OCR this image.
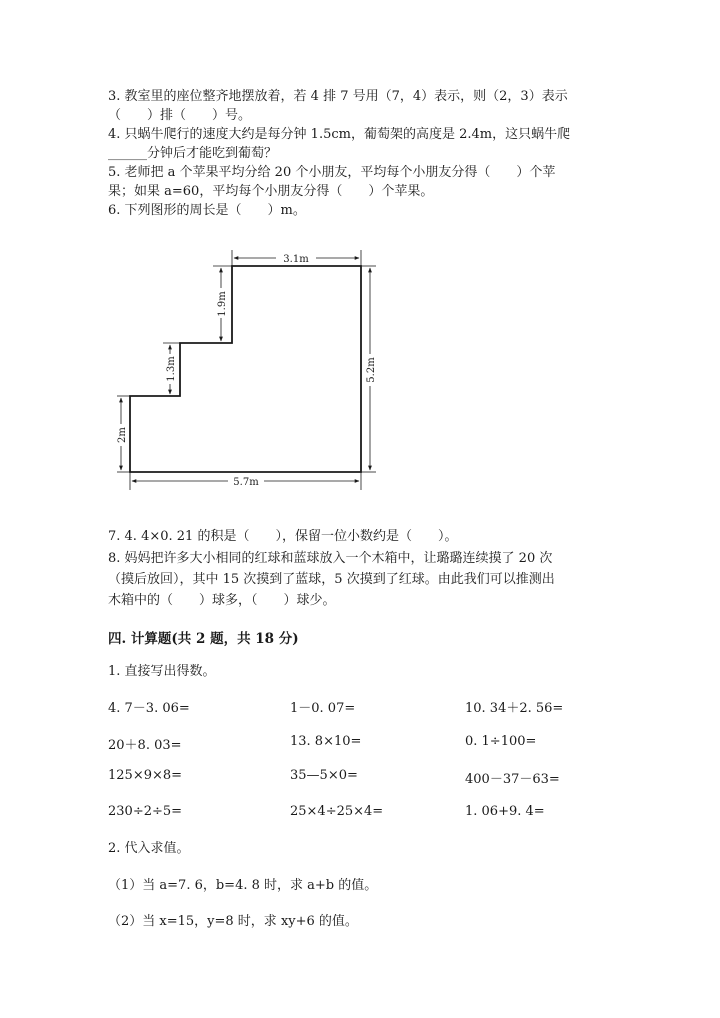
3. 教室里的座位整齐地摆放着，若 4 排 7 号用（7，4）表示，则（2，3）表示
（　　）排（　　）号。
4. 只蜗牛爬行的速度大约是每分钟 1.5cm，葡萄架的高度是 2.4m，这只蜗牛爬
______分钟后才能吃到葡萄？
5. 老师把 a 个苹果平均分给 20 个小朋友，平均每个小朋友分得（　　）个苹
果；如果 a=60，平均每个小朋友分得（　　）个苹果。
6. 下列图形的周长是（　　）m。
3.1m
1.9m
1.3m
2m
5.2m
5.7m
7. 4. 4×0. 21 的积是（　　），保留一位小数约是（　　）。
8. 妈妈把许多大小相同的红球和蓝球放入一个木箱中，让璐璐连续摸了 20 次
（摸后放回），其中 15 次摸到了蓝球，5 次摸到了红球。由此我们可以推测出
木箱中的（　　）球多，（　　）球少。
四. 计算题(共 2 题，共 18 分)
1. 直接写出得数。
4. 7－3. 06=	1－0. 07=	10. 34＋2. 56=
20＋8. 03=	13. 8×10=	0. 1÷100=
125×9×8=	35—5×0=	400－37－63=
230÷2÷5=	25×4÷25×4=	1. 06+9. 4=
2. 代入求值。
（1）当 a=7. 6，b=4. 8 时，求 a+b 的值。
（2）当 x=15，y=8 时，求 xy+6 的值。
